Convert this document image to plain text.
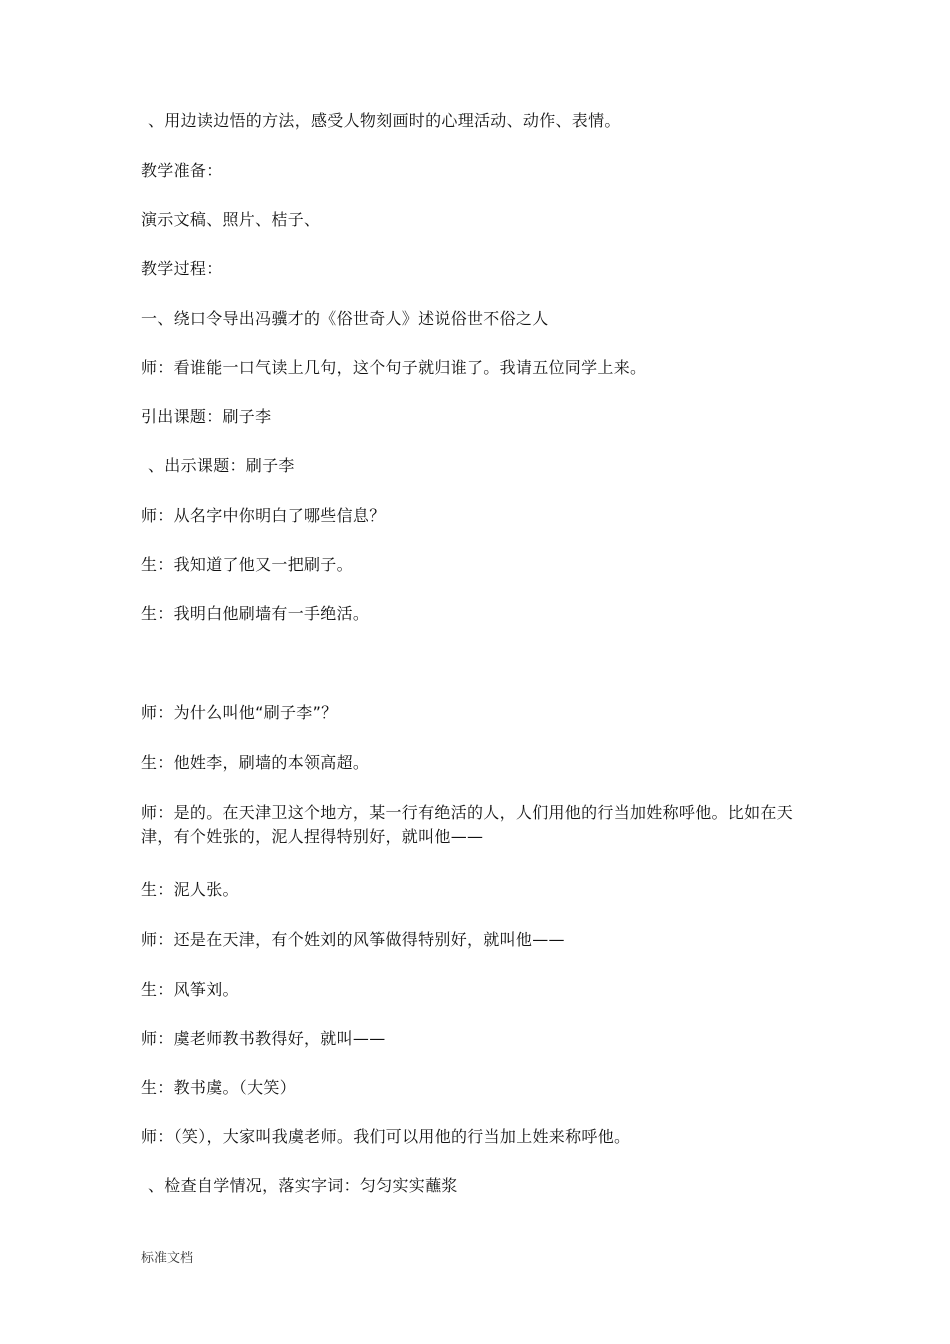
、用边读边悟的方法，感受人物刻画时的心理活动、动作、表情。
教学准备：
演示文稿、照片、桔子、
教学过程：
一、绕口令导出冯骥才的《俗世奇人》述说俗世不俗之人
师：看谁能一口气读上几句，这个句子就归谁了。我请五位同学上来。
引出课题：刷子李
、出示课题：刷子李
师：从名字中你明白了哪些信息？
生：我知道了他又一把刷子。
生：我明白他刷墙有一手绝活。
师：为什么叫他“刷子李”？
生：他姓李，刷墙的本领高超。
师：是的。在天津卫这个地方，某一行有绝活的人，人们用他的行当加姓称呼他。比如在天津，有个姓张的，泥人捏得特别好，就叫他——
生：泥人张。
师：还是在天津，有个姓刘的风筝做得特别好，就叫他——
生：风筝刘。
师：虞老师教书教得好，就叫——
生：教书虞。（大笑）
师：（笑），大家叫我虞老师。我们可以用他的行当加上姓来称呼他。
、检查自学情况，落实字词：匀匀实实蘸浆
标准文档
